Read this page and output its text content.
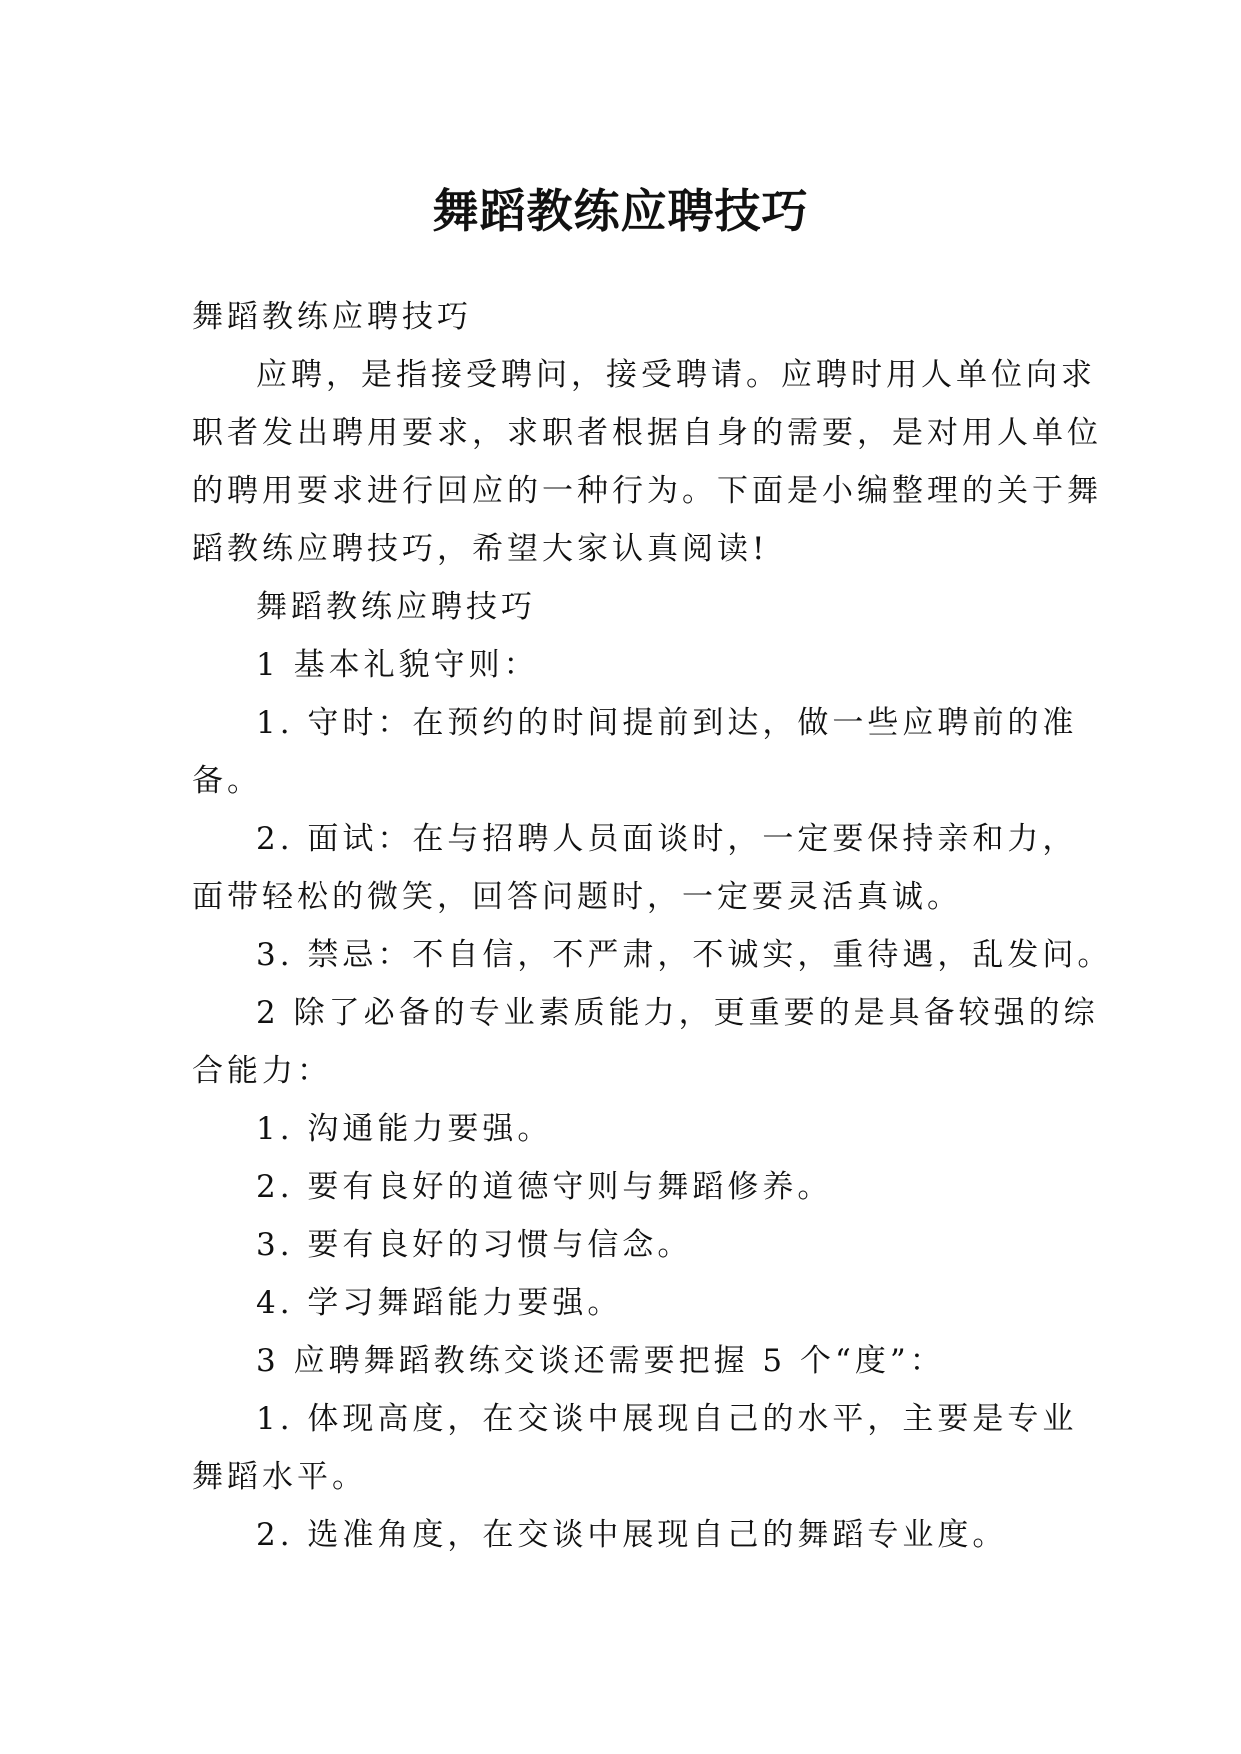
舞蹈教练应聘技巧

舞蹈教练应聘技巧

应聘，是指接受聘问，接受聘请。应聘时用人单位向求

职者发出聘用要求，求职者根据自身的需要，是对用人单位

的聘用要求进行回应的一种行为。下面是小编整理的关于舞

蹈教练应聘技巧，希望大家认真阅读!

舞蹈教练应聘技巧

1 基本礼貌守则：

1. 守时：在预约的时间提前到达，做一些应聘前的准

备。

2. 面试：在与招聘人员面谈时，一定要保持亲和力，

面带轻松的微笑，回答问题时，一定要灵活真诚。

3. 禁忌：不自信，不严肃，不诚实，重待遇，乱发问。

2 除了必备的专业素质能力，更重要的是具备较强的综

合能力：

1. 沟通能力要强。

2. 要有良好的道德守则与舞蹈修养。

3. 要有良好的习惯与信念。

4. 学习舞蹈能力要强。

3 应聘舞蹈教练交谈还需要把握 5 个“度”：

1. 体现高度，在交谈中展现自己的水平，主要是专业

舞蹈水平。

2. 选准角度，在交谈中展现自己的舞蹈专业度。
